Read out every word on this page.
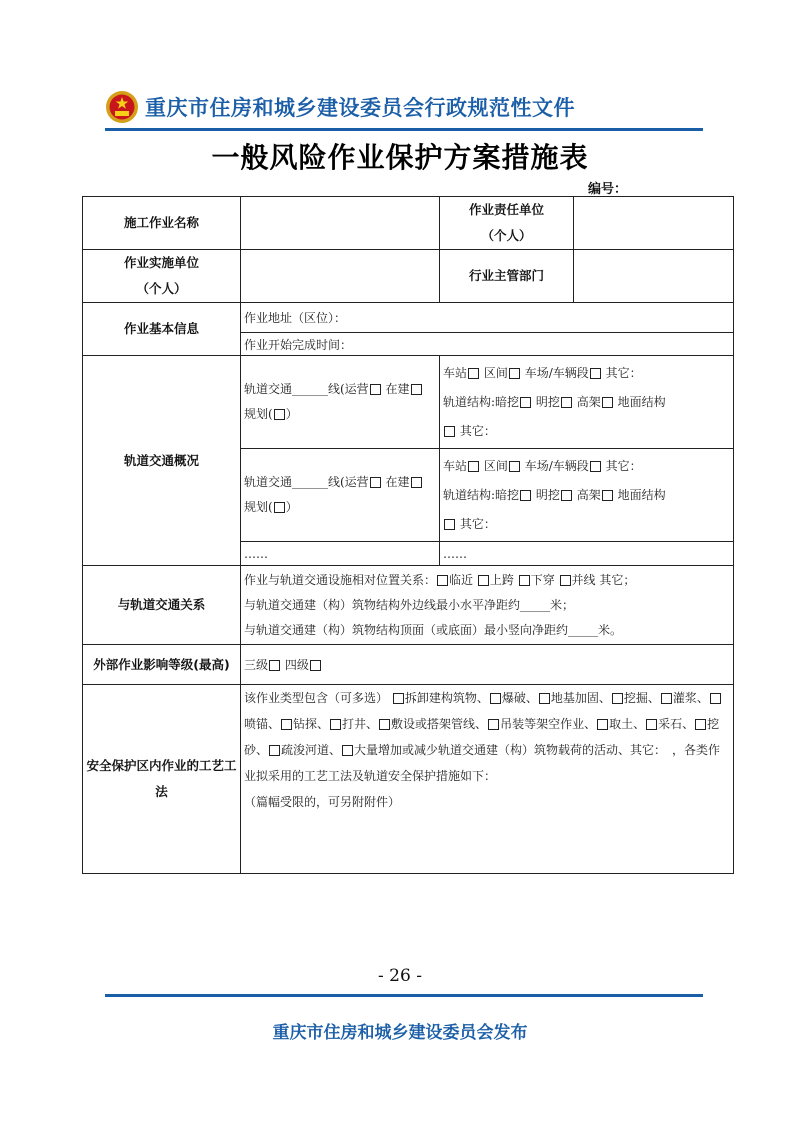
重庆市住房和城乡建设委员会行政规范性文件
一般风险作业保护方案措施表
编号：
施工作业名称		作业责任单位
（个人）	

作业实施单位
（个人）		行业主管部门	
作业基本信息	作业地址（区位）：		
	作业开始完成时间：		
轨道交通概况	轨道交通______线(运营 在建 规划( ）	车站 区间 车场/车辆段 其它：
轨道结构:暗挖 明挖 高架 地面结构
其它：	

	轨道交通______线(运营 在建 规划( ）	车站 区间 车场/车辆段 其它：
轨道结构:暗挖 明挖 高架 地面结构
其它：	

	……	……	
与轨道交通关系	作业与轨道交通设施相对位置关系： 临近 上跨 下穿 并线 其它；
与轨道交通建（构）筑物结构外边线最小水平净距约_____米；
与轨道交通建（构）筑物结构顶面（或底面）最小竖向净距约_____米。		

外部作业影响等级(最高)	三级 四级		
安全保护区内作业的工艺工法	该作业类型包含（可多选） 拆卸建构筑物、 爆破、 地基加固、 挖掘、 灌浆、喷锚、 钻探、 打井、 敷设或搭架管线、 吊装等架空作业、 取土、 采石、 挖砂、 疏浚河道、 大量增加或减少轨道交通建（构）筑物载荷的活动、其它：　，各类作业拟采用的工艺工法及轨道安全保护措施如下：
（篇幅受限的，可另附附件）		
- 26 -
重庆市住房和城乡建设委员会发布
